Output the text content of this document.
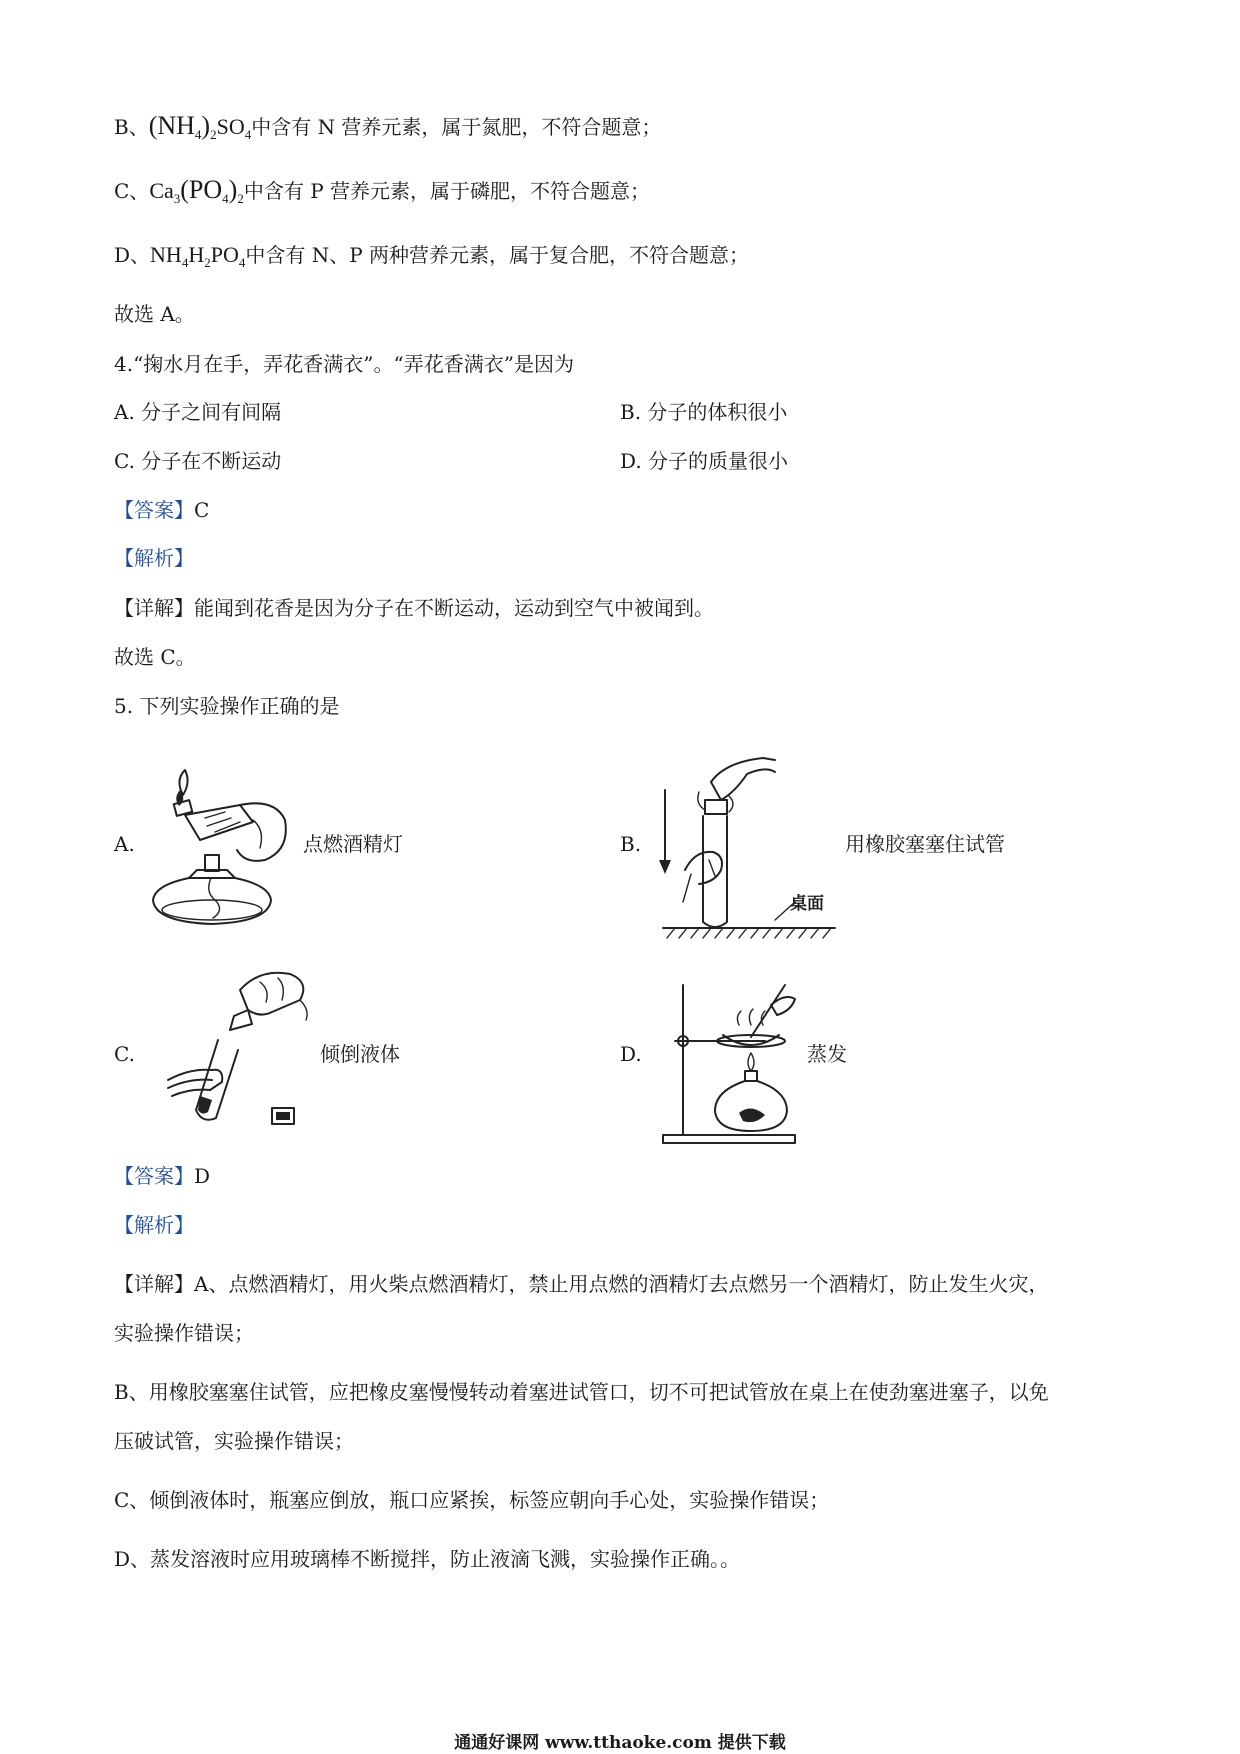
B、$(NH_4)_2SO_4$中含有 N 营养元素，属于氮肥，不符合题意；
C、$Ca_3(PO_4)_2$中含有 P 营养元素，属于磷肥，不符合题意；
D、$NH_4H_2PO_4$中含有 N、P 两种营养元素，属于复合肥，不符合题意；
故选 A。
4.“掬水月在手，弄花香满衣”。“弄花香满衣”是因为
A. 分子之间有间隔	B. 分子的体积很小
C. 分子在不断运动	D. 分子的质量很小
【答案】C
【解析】
【详解】能闻到花香是因为分子在不断运动，运动到空气中被闻到。
故选 C。
5. 下列实验操作正确的是
A.	点燃酒精灯	B.
桌面
用橡胶塞塞住试管
C.	倾倒液体	D.	蒸发
【答案】D
【解析】
【详解】A、点燃酒精灯，用火柴点燃酒精灯，禁止用点燃的酒精灯去点燃另一个酒精灯，防止发生火灾，
实验操作错误；
B、用橡胶塞塞住试管，应把橡皮塞慢慢转动着塞进试管口，切不可把试管放在桌上在使劲塞进塞子，以免
压破试管，实验操作错误；
C、倾倒液体时，瓶塞应倒放，瓶口应紧挨，标签应朝向手心处，实验操作错误；
D、蒸发溶液时应用玻璃棒不断搅拌，防止液滴飞溅，实验操作正确。。
通通好课网 www.tthaoke.com 提供下载
